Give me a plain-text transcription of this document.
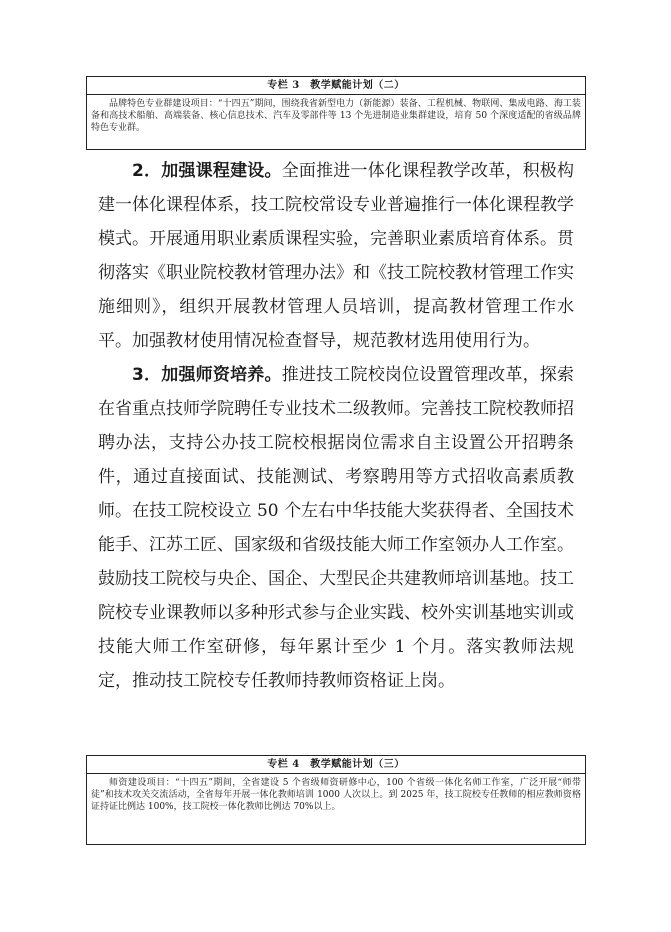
专栏 3　教学赋能计划（二）
品牌特色专业群建设项目：“十四五”期间，围绕我省新型电力（新能源）装备、工程机械、物联网、集成电路、海工装备和高技术船舶、高端装备、核心信息技术、汽车及零部件等 13 个先进制造业集群建设，培育 50 个深度适配的省级品牌特色专业群。

2．加强课程建设。全面推进一体化课程教学改革，积极构建一体化课程体系，技工院校常设专业普遍推行一体化课程教学模式。开展通用职业素质课程实验，完善职业素质培育体系。贯彻落实《职业院校教材管理办法》和《技工院校教材管理工作实施细则》，组织开展教材管理人员培训，提高教材管理工作水平。加强教材使用情况检查督导，规范教材选用使用行为。

3．加强师资培养。推进技工院校岗位设置管理改革，探索在省重点技师学院聘任专业技术二级教师。完善技工院校教师招聘办法，支持公办技工院校根据岗位需求自主设置公开招聘条件，通过直接面试、技能测试、考察聘用等方式招收高素质教师。在技工院校设立 50 个左右中华技能大奖获得者、全国技术能手、江苏工匠、国家级和省级技能大师工作室领办人工作室。鼓励技工院校与央企、国企、大型民企共建教师培训基地。技工院校专业课教师以多种形式参与企业实践、校外实训基地实训或技能大师工作室研修，每年累计至少 1 个月。落实教师法规定，推动技工院校专任教师持教师资格证上岗。

专栏 4　教学赋能计划（三）
师资建设项目：“十四五”期间，全省建设 5 个省级师资研修中心，100 个省级一体化名师工作室，广泛开展“师带徒”和技术攻关交流活动，全省每年开展一体化教师培训 1000 人次以上。到 2025 年，技工院校专任教师的相应教师资格证持证比例达 100%，技工院校一体化教师比例达 70%以上。
